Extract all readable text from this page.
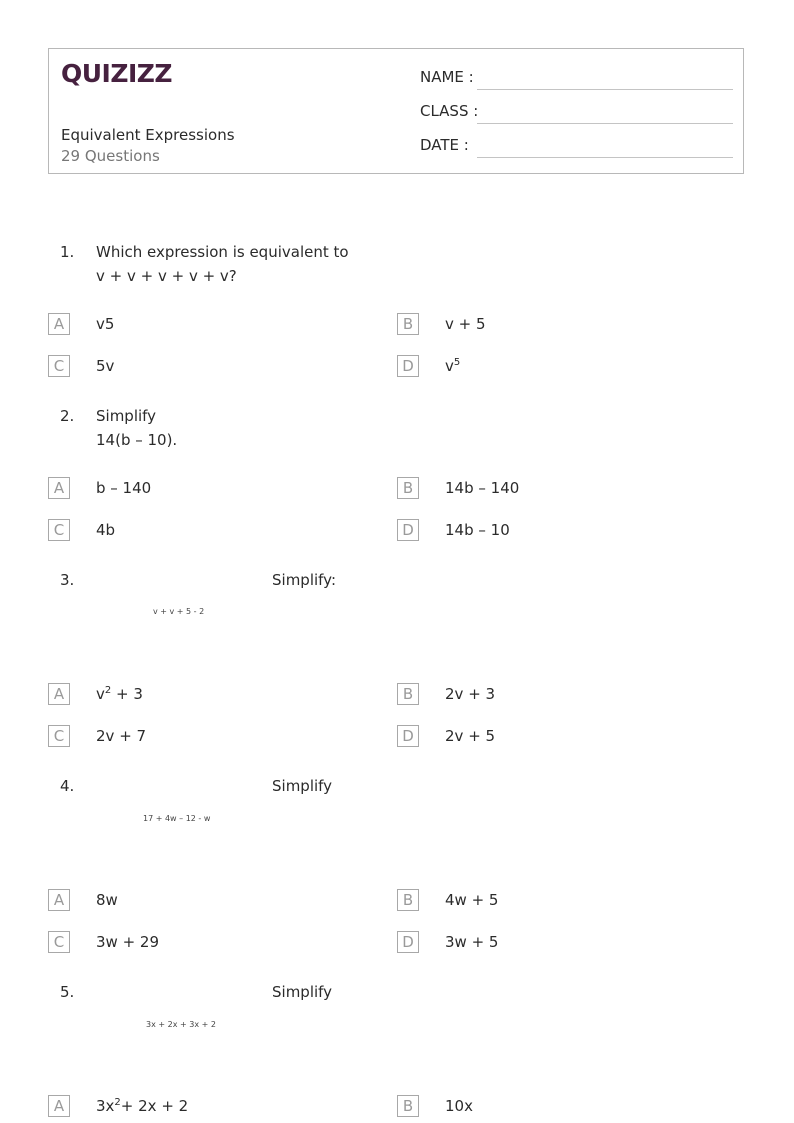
QUIZIZZ
Equivalent Expressions
29 Questions
NAME :
CLASS :
DATE :
1. Which expression is equivalent to
v + v + v + v + v?
A	v5	B	v + 5
C	5v	D	$v^5$
2. Simplify
14(b – 10).
A	b – 140	B	14b – 140
C	4b	D	14b – 10
3.	Simplify:
v + v + 5 - 2
A	$v^2 + 3$	B	2v + 3
C	2v + 7	D	2v + 5
4.	Simplify
17 + 4w – 12 - w
A	8w	B	4w + 5
C	3w + 29	D	3w + 5
5.	Simplify
3x + 2x + 3x + 2
A	$3x^2+ 2x + 2$	B	10x
